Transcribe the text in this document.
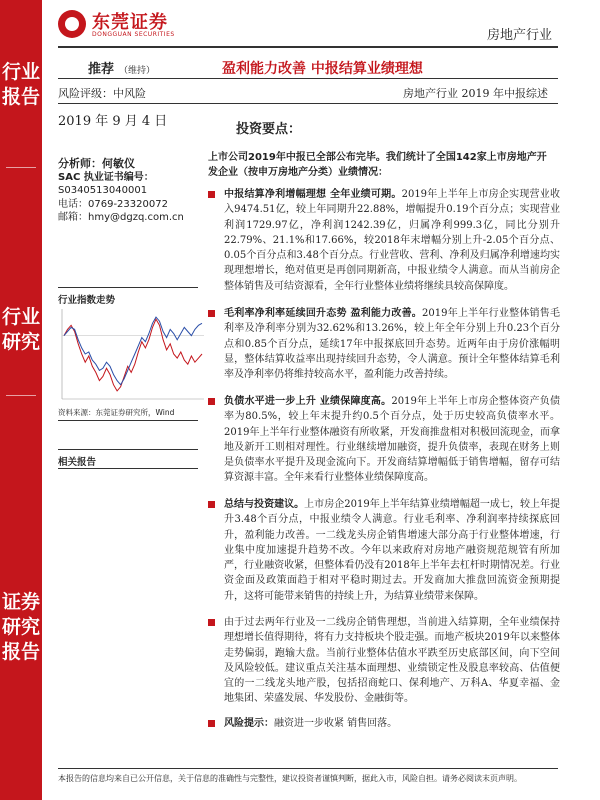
行业报告
行业研究
证券研究报告
东莞证券
DONGGUAN SECURITIES	房地产行业
推荐 （维持）	盈利能力改善 中报结算业绩理想
风险评级：中风险	房地产行业 2019 年中报综述
2019 年 9 月 4 日
分析师：何敏仪
SAC 执业证书编号：
S0340513040001
电话：0769-23320072
邮箱：hmy@dgzq.com.cn
行业指数走势
资料来源：东莞证券研究所，Wind
相关报告
投资要点：
上市公司2019年中报已全部公布完毕。我们统计了全国142家上市房地产开发企业（按申万房地产分类）业绩情况：
中报结算净利增幅理想 全年业绩可期。2019年上半年上市房企实现营业收入9474.51亿，较上年同期升22.88%，增幅提升0.19个百分点；实现营业利润1729.97亿，净利润1242.39亿，归属净利999.3亿，同比分别升22.79%、21.1%和17.66%，较2018年末增幅分别上升-2.05个百分点、0.05个百分点和3.48个百分点。行业营收、营利、净利及归属净利增速均实现理想增长，绝对值更是再创同期新高，中报业绩令人满意。而从当前房企整体销售及可结资源看，全年行业整体业绩将继续具较高保障度。
毛利率净利率延续回升态势 盈利能力改善。2019年上半年行业整体销售毛利率及净利率分别为32.62%和13.26%，较上年全年分别上升0.23个百分点和0.85个百分点，延续17年中报探底回升态势。近两年由于房价涨幅明显，整体结算收益率出现持续回升态势，令人满意。预计全年整体结算毛利率及净利率仍将维持较高水平，盈利能力改善持续。
负债水平进一步上升 业绩保障度高。2019年上半年上市房企整体资产负债率为80.5%，较上年末提升约0.5个百分点，处于历史较高负债率水平。2019年上半年行业整体融资有所收紧，开发商推盘相对积极回流现金，而拿地及新开工则相对理性。行业继续增加融资，提升负债率，表现在财务上则是负债率水平提升及现金流向下。开发商结算增幅低于销售增幅，留存可结算资源丰富。全年来看行业整体业绩保障度高。
总结与投资建议。上市房企2019年上半年结算业绩增幅超一成七，较上年提升3.48个百分点，中报业绩令人满意。行业毛利率、净利润率持续探底回升，盈利能力改善。一二线龙头房企销售增速大部分高于行业整体增速，行业集中度加速提升趋势不改。今年以来政府对房地产融资规范规管有所加严，行业融资收紧，但整体看仍没有2018年上半年去杠杆时期情况差。行业资金面及政策面趋于相对平稳时期过去。开发商加大推盘回流资金预期提升，这将可能带来销售的持续上升，为结算业绩带来保障。
由于过去两年行业及一二线房企销售理想，当前进入结算期，全年业绩保持理想增长值得期待，将有力支持板块个股走强。而地产板块2019年以来整体走势偏弱，跑输大盘。当前行业整体估值水平跌至历史底部区间，向下空间及风险较低。建议重点关注基本面理想、业绩锁定性及股息率较高、估值便宜的一二线龙头地产股，包括招商蛇口、保利地产、万科A、华夏幸福、金地集团、荣盛发展、华发股份、金融街等。
风险提示：融资进一步收紧 销售回落。
本报告的信息均来自已公开信息，关于信息的准确性与完整性，建议投资者谨慎判断，据此入市，风险自担。请务必阅读末页声明。
